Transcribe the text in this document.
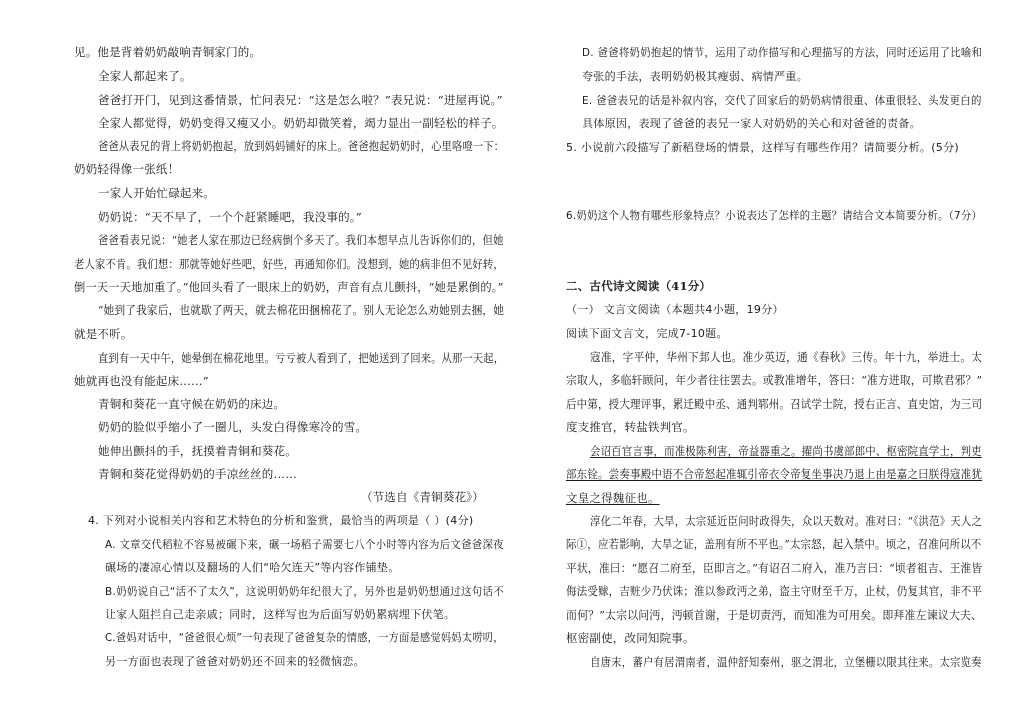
见。他是背着奶奶敲响青铜家门的。
全家人都起来了。
爸爸打开门，见到这番情景，忙问表兄：“这是怎么啦？”表兄说：“进屋再说。”
全家人都觉得，奶奶变得又瘦又小。奶奶却微笑着，竭力显出一副轻松的样子。
爸爸从表兄的背上将奶奶抱起，放到妈妈铺好的床上。爸爸抱起奶奶时，心里咯噔一下：
奶奶轻得像一张纸！
一家人开始忙碌起来。
奶奶说：“天不早了，一个个赶紧睡吧，我没事的。”
爸爸看表兄说：“她老人家在那边已经病倒个多天了。我们本想早点儿告诉你们的，但她
老人家不肯。我们想：那就等她好些吧，好些，再通知你们。没想到，她的病非但不见好转，
倒一天一天地加重了。”他回头看了一眼床上的奶奶，声音有点儿颤抖，“她是累倒的。”
“她到了我家后，也就歇了两天，就去棉花田捆棉花了。别人无论怎么劝她别去捆，她
就是不听。
直到有一天中午，她晕倒在棉花地里。亏亏被人看到了，把她送到了回来。从那一天起，
她就再也没有能起床……”
青铜和葵花一直守候在奶奶的床边。
奶奶的脸似乎缩小了一圈儿，头发白得像寒冷的雪。
她伸出颤抖的手，抚摸着青铜和葵花。
青铜和葵花觉得奶奶的手凉丝丝的……
（节选自《青铜葵花》）
4. 下列对小说相关内容和艺术特色的分析和鉴赏，最恰当的两项是（ ）(4分)
A. 文章交代稻粒不容易被碾下来，碾一场稻子需要七八个小时等内容为后文爸爸深夜
碾场的凄凉心情以及翻场的人们“哈欠连天”等内容作铺垫。
B.奶奶说自己“活不了太久”，这说明奶奶年纪很大了，另外也是奶奶想通过这句话不
让家人阻拦自己走亲戚；同时，这样写也为后面写奶奶累病埋下伏笔。
C.爸妈对话中，“爸爸很心烦”一句表现了爸爸复杂的情感，一方面是感觉妈妈太唠叨，
另一方面也表现了爸爸对奶奶还不回来的轻微恼恋。
D. 爸爸将奶奶抱起的情节，运用了动作描写和心理描写的方法，同时还运用了比喻和
夸张的手法，表明奶奶极其瘦弱、病情严重。
E. 爸爸表兄的话是补叙内容，交代了回家后的奶奶病情很重、体重很轻、头发更白的
具体原因，表现了爸爸的表兄一家人对奶奶的关心和对爸爸的责备。
5. 小说前六段描写了新稻登场的情景，这样写有哪些作用？请简要分析。(5分)
6.奶奶这个人物有哪些形象特点？小说表达了怎样的主题？请结合文本简要分析。（7分）
二、古代诗文阅读（41分）
（一） 文言文阅读（本题共4小题，19分）
阅读下面文言文，完成7-10题。
寇准，字平仲，华州下邽人也。准少英迈，通《春秋》三传。年十九，举进士。太
宗取人，多临轩顾问，年少者往往罢去。或教准增年，答曰：“准方进取，可欺君邪？”
后中第，授大理评事，累迁殿中丞、通判郓州。召试学士院，授右正言、直史馆，为三司
度支推官，转盐铁判官。
会诏百官言事，而准极陈利害，帝益器重之。擢尚书虞部郎中、枢密院直学士，判吏
部东铨。尝奏事殿中语不合帝怒起准辄引帝衣令帝复坐事决乃退上由是嘉之曰朕得寇准犹
文皇之得魏征也。
淳化二年春，大旱，太宗延近臣问时政得失，众以天数对。准对曰：“《洪范》天人之
际①，应若影响，大旱之证，盖刑有所不平也。”太宗怒，起入禁中。顷之，召准问所以不
平状，准曰：“愿召二府至，臣即言之。”有诏召二府入，准乃言曰：“顷者祖吉、王淮皆
侮法受赇，吉赃少乃伏诛；淮以参政沔之弟，盗主守财至千万，止杖，仍复其官，非不平
而何？”太宗以问沔，沔顿首谢，于是切责沔，而知准为可用矣。即拜准左谏议大夫、
枢密副使，改同知院事。
自唐末，蕃户有居渭南者，温仲舒知秦州，驱之渭北，立堡栅以限其往来。太宗览奏
